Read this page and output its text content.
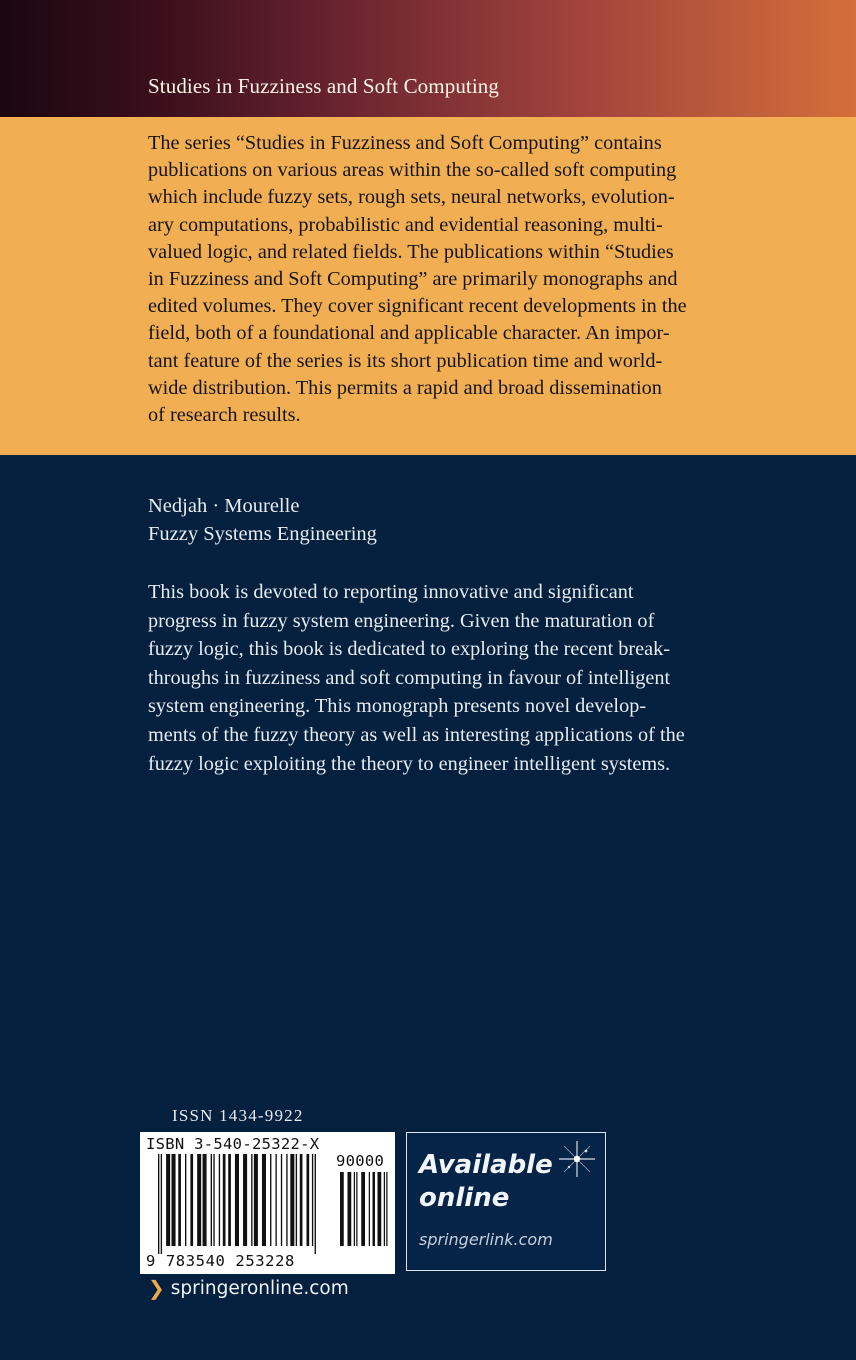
Studies in Fuzziness and Soft Computing
The series “Studies in Fuzziness and Soft Computing” contains
publications on various areas within the so-called soft computing
which include fuzzy sets, rough sets, neural networks, evolution-
ary computations, probabilistic and evidential reasoning, multi-
valued logic, and related fields. The publications within “Studies
in Fuzziness and Soft Computing” are primarily monographs and
edited volumes. They cover significant recent developments in the
field, both of a foundational and applicable character. An impor-
tant feature of the series is its short publication time and world-
wide distribution. This permits a rapid and broad dissemination
of research results.
Nedjah · Mourelle
Fuzzy Systems Engineering
This book is devoted to reporting innovative and significant
progress in fuzzy system engineering. Given the maturation of
fuzzy logic, this book is dedicated to exploring the recent break-
throughs in fuzziness and soft computing in favour of intelligent
system engineering. This monograph presents novel develop-
ments of the fuzzy theory as well as interesting applications of the
fuzzy logic exploiting the theory to engineer intelligent systems.
ISSN 1434-9922
ISBN 3-540-25322-X
90000
9 783540 253228
Available
online
springerlink.com
❯ springeronline.com
